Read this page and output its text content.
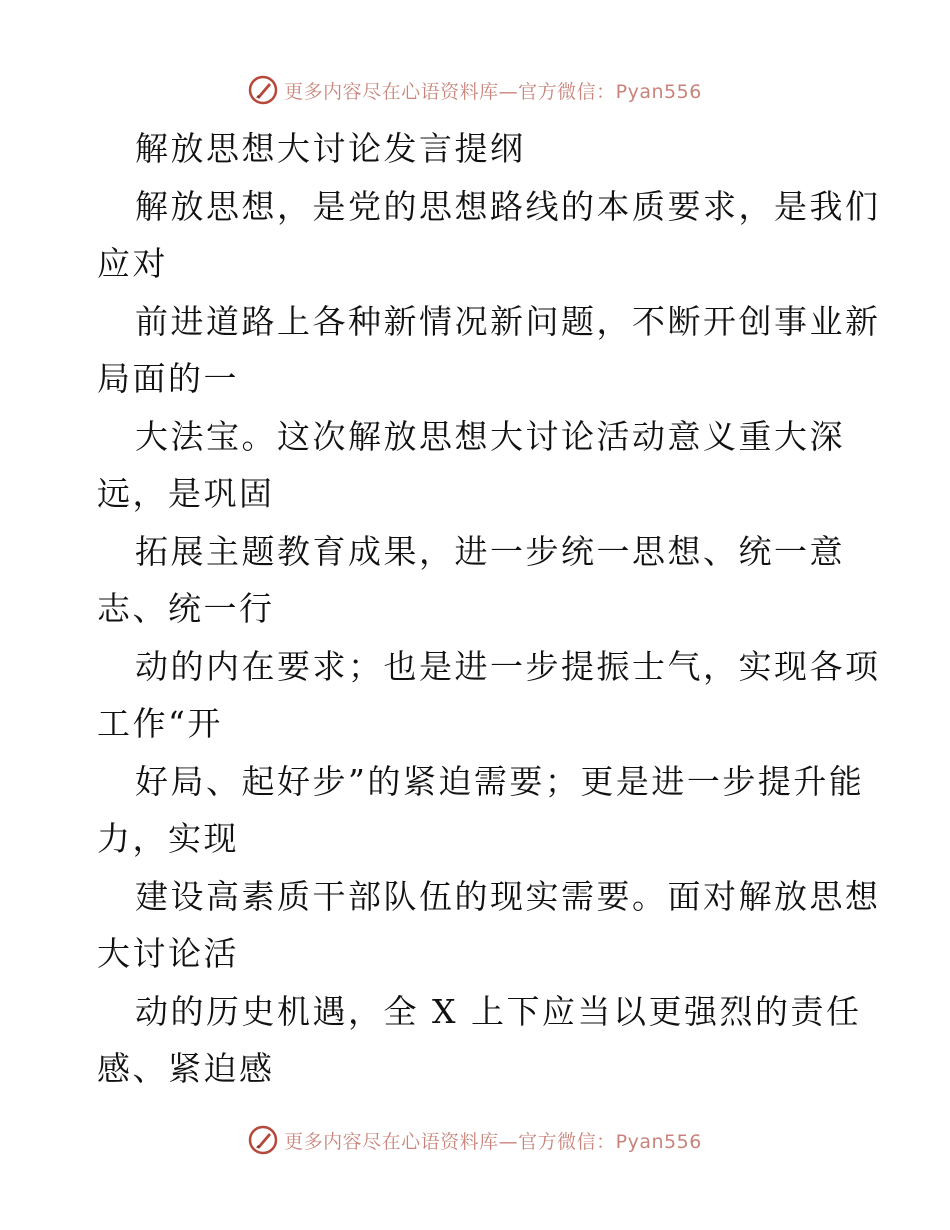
更多内容尽在心语资料库—官方微信：Pyan556
解放思想大讨论发言提纲
解放思想，是党的思想路线的本质要求，是我们
应对
前进道路上各种新情况新问题，不断开创事业新
局面的一
大法宝。这次解放思想大讨论活动意义重大深
远，是巩固
拓展主题教育成果，进一步统一思想、统一意
志、统一行
动的内在要求；也是进一步提振士气，实现各项
工作“开
好局、起好步”的紧迫需要；更是进一步提升能
力，实现
建设高素质干部队伍的现实需要。面对解放思想
大讨论活
动的历史机遇，全 X 上下应当以更强烈的责任
感、紧迫感
更多内容尽在心语资料库—官方微信：Pyan556
